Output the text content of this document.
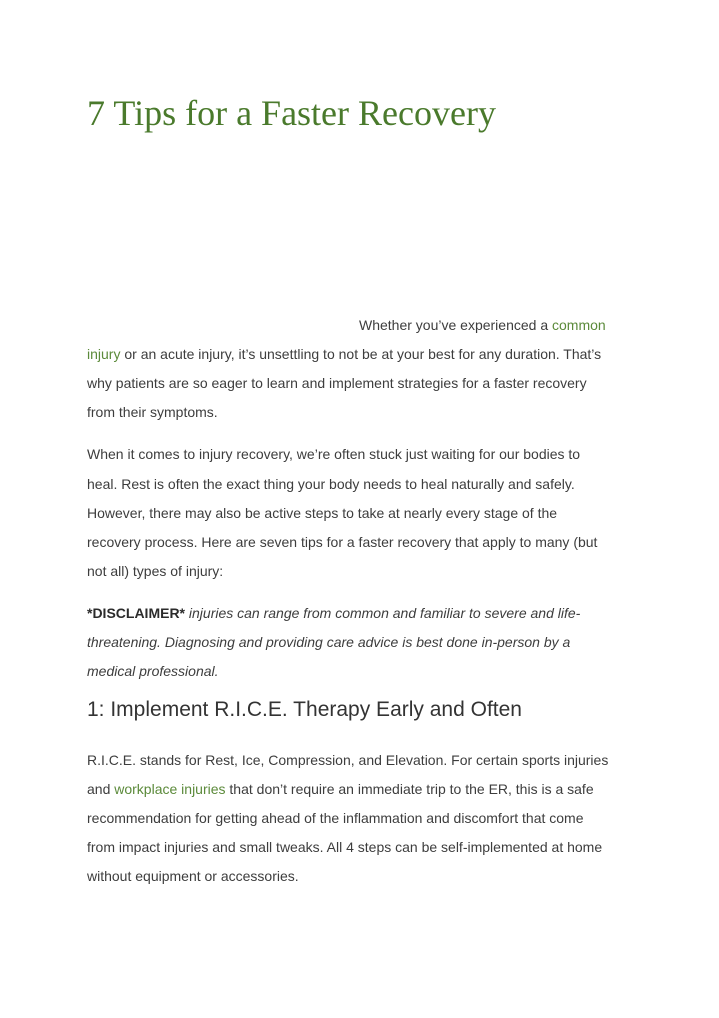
7 Tips for a Faster Recovery
Whether you’ve experienced a common
injury or an acute injury, it’s unsettling to not be at your best for any duration. That’s
why patients are so eager to learn and implement strategies for a faster recovery
from their symptoms.
When it comes to injury recovery, we’re often stuck just waiting for our bodies to
heal. Rest is often the exact thing your body needs to heal naturally and safely.
However, there may also be active steps to take at nearly every stage of the
recovery process. Here are seven tips for a faster recovery that apply to many (but
not all) types of injury:
*DISCLAIMER* injuries can range from common and familiar to severe and life-
threatening. Diagnosing and providing care advice is best done in-person by a
medical professional.
1: Implement R.I.C.E. Therapy Early and Often
R.I.C.E. stands for Rest, Ice, Compression, and Elevation. For certain sports injuries
and workplace injuries that don’t require an immediate trip to the ER, this is a safe
recommendation for getting ahead of the inflammation and discomfort that come
from impact injuries and small tweaks. All 4 steps can be self-implemented at home
without equipment or accessories.
